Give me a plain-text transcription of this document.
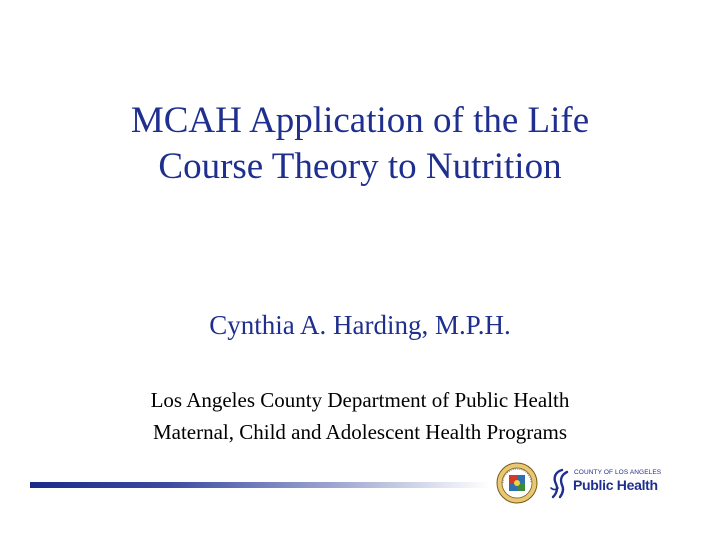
MCAH Application of the Life
Course Theory to Nutrition
Cynthia A. Harding, M.P.H.
Los Angeles County Department of Public Health
Maternal, Child and Adolescent Health Programs
COUNTY OF LOS ANGELES
Public Health
